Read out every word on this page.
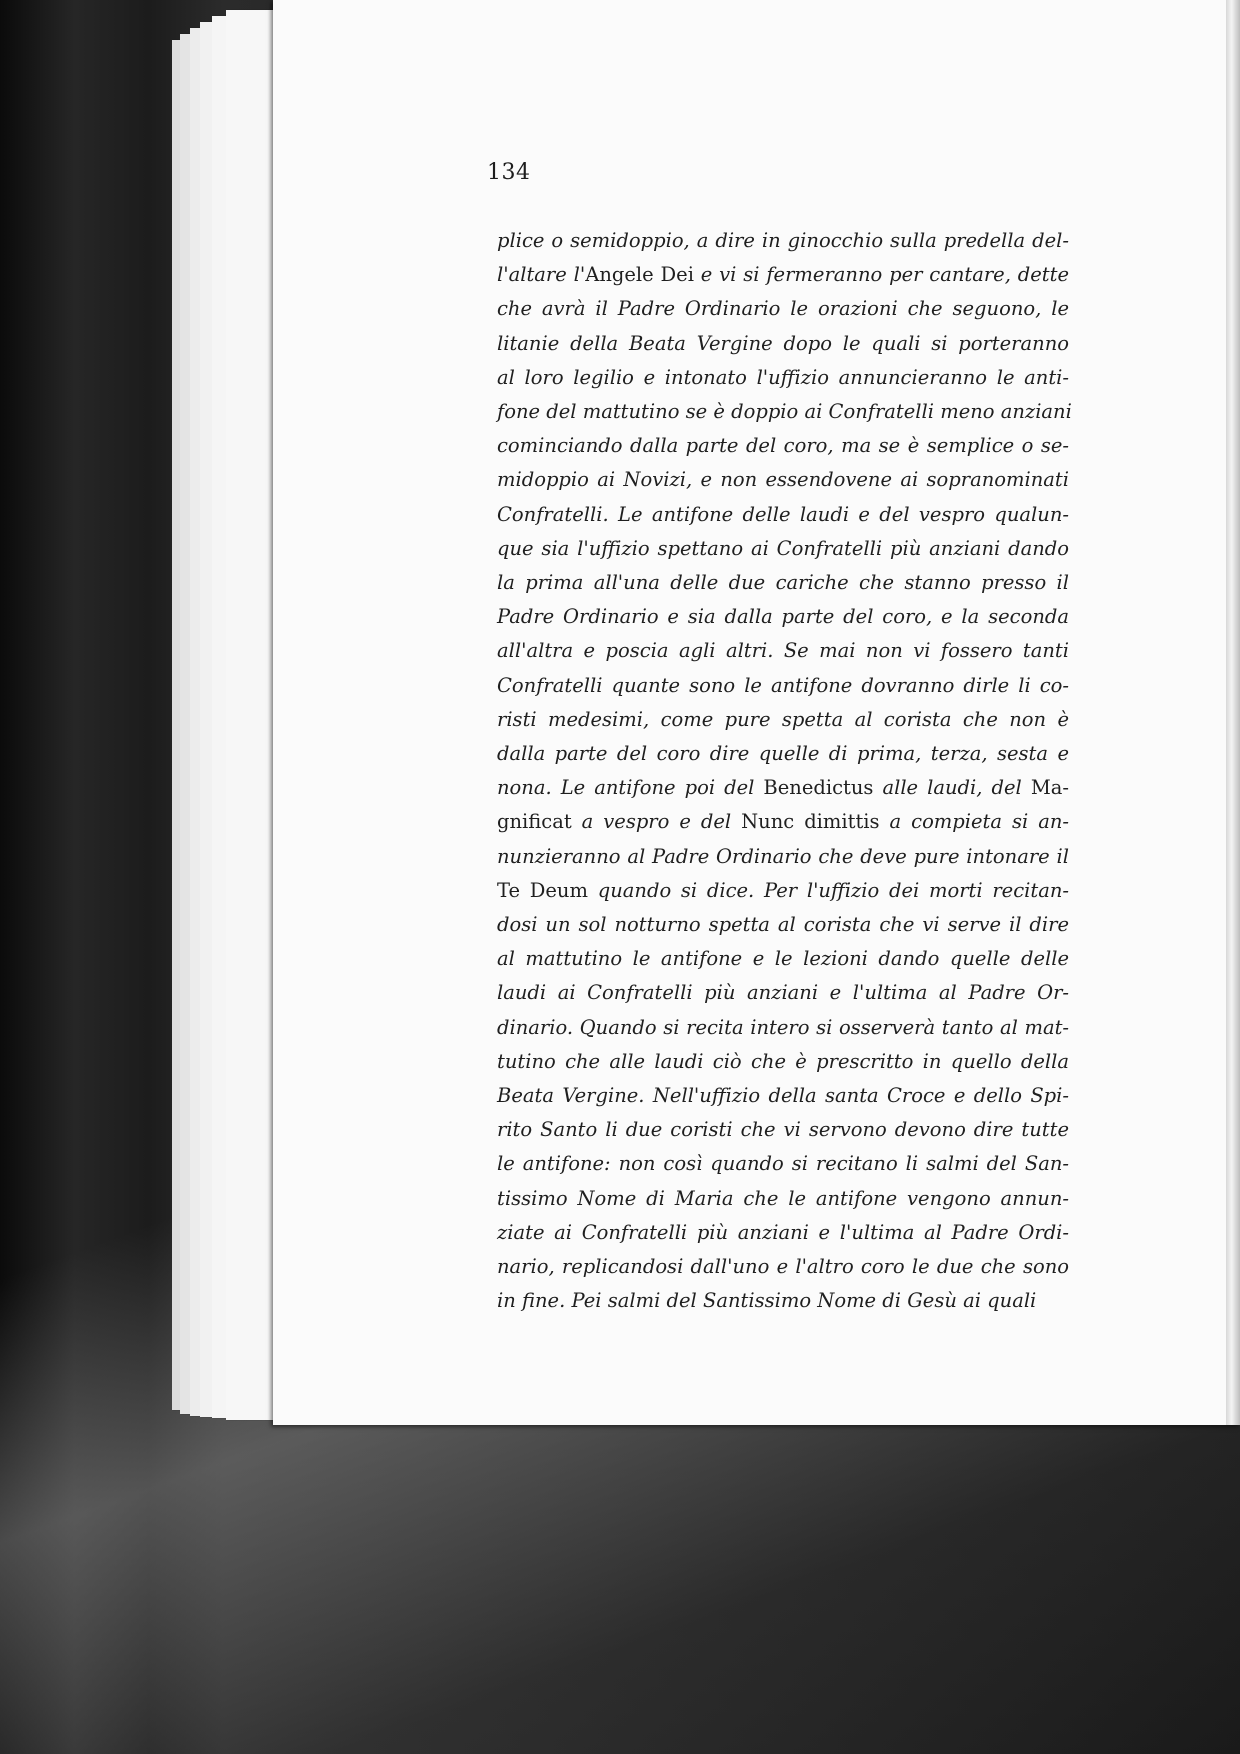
134
plice o semidoppio, a dire in ginocchio sulla predella del-
l'altare l'Angele Dei e vi si fermeranno per cantare, dette
che avrà il Padre Ordinario le orazioni che seguono, le
litanie della Beata Vergine dopo le quali si porteranno
al loro legilio e intonato l'uffizio annuncieranno le anti-
fone del mattutino se è doppio ai Confratelli meno anziani
cominciando dalla parte del coro, ma se è semplice o se-
midoppio ai Novizi, e non essendovene ai sopranominati
Confratelli. Le antifone delle laudi e del vespro qualun-
que sia l'uffizio spettano ai Confratelli più anziani dando
la prima all'una delle due cariche che stanno presso il
Padre Ordinario e sia dalla parte del coro, e la seconda
all'altra e poscia agli altri. Se mai non vi fossero tanti
Confratelli quante sono le antifone dovranno dirle li co-
risti medesimi, come pure spetta al corista che non è
dalla parte del coro dire quelle di prima, terza, sesta e
nona. Le antifone poi del Benedictus alle laudi, del Ma-
gnificat a vespro e del Nunc dimittis a compieta si an-
nunzieranno al Padre Ordinario che deve pure intonare il
Te Deum quando si dice. Per l'uffizio dei morti recitan-
dosi un sol notturno spetta al corista che vi serve il dire
al mattutino le antifone e le lezioni dando quelle delle
laudi ai Confratelli più anziani e l'ultima al Padre Or-
dinario. Quando si recita intero si osserverà tanto al mat-
tutino che alle laudi ciò che è prescritto in quello della
Beata Vergine. Nell'uffizio della santa Croce e dello Spi-
rito Santo li due coristi che vi servono devono dire tutte
le antifone: non così quando si recitano li salmi del San-
tissimo Nome di Maria che le antifone vengono annun-
ziate ai Confratelli più anziani e l'ultima al Padre Ordi-
nario, replicandosi dall'uno e l'altro coro le due che sono
in fine. Pei salmi del Santissimo Nome di Gesù ai quali
